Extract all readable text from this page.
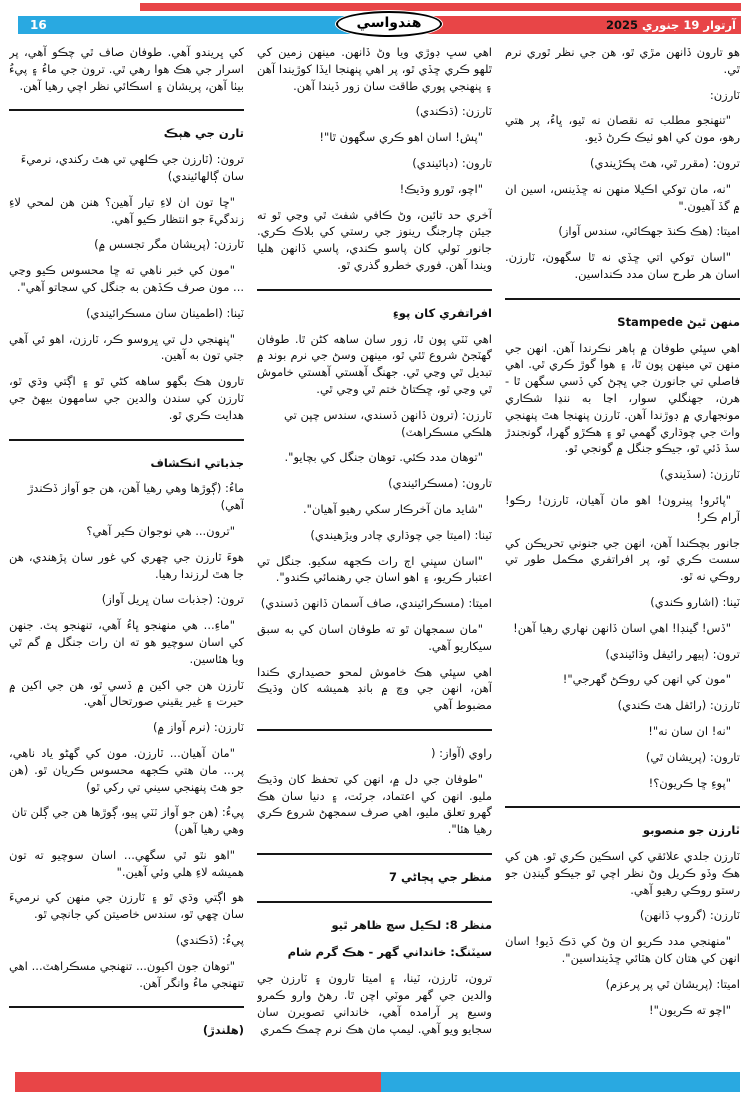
16	آرتوار 19 جنوري 2025
هندواسي
هو تارون ڏانهن مڙي ٿو، هن جي نظر ٿوري نرم ٿي.
ٽارزن:
"تنهنجو مطلب ته نقصان نه ٿيو، ڀاءُ، پر هتي رهو، مون کي اهو ٺيڪ ڪرڻ ڏيو.
ترون: (مقرر ٿي، هٿ پڪڙيندي)
"نه، مان توکي اڪيلا منهن نه ڇڏينس، اسين ان ۾ گڏ آهيون."
اميتا: (هڪ ڪنڌ جهڪائي، سندس آواز)
"اسان توکي اتي ڇڏي نه ٿا سگهون، ٽارزن. اسان هر طرح سان مدد ڪنداسين.
منهن ٿيڻ Stampede
اهي سڀئي طوفان ۾ ٻاهر نڪرندا آهن. انهن جي منهن تي مينهن پون ٿا، ۽ هوا گوڙ ڪري ٿي. اهي فاصلي تي جانورن جي ڀڄڻ کي ڏسي سگهن ٿا - هرن، جهنگلي سوار، اڃا به ننڍا شڪاري مونجهاري ۾ ڊوڙندا آهن. ٽارزن پنهنجا هٿ پنهنجي واٽ جي چوڌاري گهمي ٿو ۽ هڪڙو گهرا، گونجندڙ سڏ ڏئي ٿو، جيڪو جنگل ۾ گونجي ٿو.
ٽارزن: (سڏيندي)
"پائرو! پينرون! اهو مان آهيان، ٽارزن! رڪو! آرام ڪر!
جانور بچڪندا آهن، انهن جي جنوني تحريڪن کي سست ڪري ٿو، پر افراتفري مڪمل طور تي روڪي نه ٿو.
ٽينا: (اشارو ڪندي)
"ڏس! گينڊا! اهي اسان ڏانهن نهاري رهيا آهن!
ترون: (ٻيهر رائيفل وڌائيندي)
"مون کي انهن کي روڪڻ گهرجي"!
ٽارزن: (رائفل هٿ ڪندي)
"نه! ان سان نه"!
تارون: (پريشان ٿي)
"پوءِ ڇا ڪريون؟!
ٽارزن جو منصوبو
ٽارزن جلدي علائقي کي اسڪين ڪري ٿو. هن کي هڪ وڏو ڪريل وڻ نظر اچي ٿو جيڪو گينڊن جو رستو روڪي رهيو آهي.
ٽارزن: (گروپ ڏانهن)
"منهنجي مدد ڪريو ان وڻ کي ڌڪ ڏيو! اسان انهن کي هتان کان هٽائي ڇڏينداسين".
اميتا: (پريشان ٿي پر پرعزم)
"اچو ته ڪريون"!
اهي سڀ ڊوڙي ويا وڻ ڏانهن. مينهن زمين کي ٿلهو ڪري ڇڏي ٿو، پر اهي پنهنجا ايڏا کوڙيندا آهن ۽ پنهنجي پوري طاقت سان زور ڏيندا آهن.
ٽارزن: (ڌڪندي)
"پش! اسان اهو ڪري سگهون ٿا"!
تارون: (دٻائيندي)
"اچو، ٿورو وڌيڪ!
آخري حد تائين، وڻ ڪافي شفٽ ٿي وڃي ٿو ته جيئن چارجنگ رينوز جي رستي کي بلاڪ ڪري. جانور ٽولي کان پاسو ڪندي، پاسي ڏانهن هليا ويندا آهن. فوري خطرو گذري ٿو.
افراتفري کان پوءِ
اهي ٽٽي پون ٿا، زور سان ساهه کڻن ٿا. طوفان گهٽجڻ شروع ٿئي ٿو، مينهن وسڻ جي نرم بوند ۾ تبديل ٿي وڃي ٿي. جهنگ آهستي آهستي خاموش ٿي وڃي ٿو، ڇڪتاڻ ختم ٿي وڃي ٿي.
ٽارزن: (ترون ڏانهن ڏسندي، سندس چپن تي هلڪي مسڪراهٽ)
"توهان مدد ڪئي. توهان جنگل کي بچايو".
تارون: (مسڪرائيندي)
"شايد مان آخرڪار سکي رهيو آهيان".
ٽينا: (اميتا جي چوڌاري چادر ويڙهيندي)
"اسان سڀني اڄ رات ڪجهه سکيو. جنگل تي اعتبار ڪريو، ۽ اهو اسان جي رهنمائي ڪندو".
اميتا: (مسڪرائيندي، صاف آسمان ڏانهن ڏسندي)
"مان سمجهان ٿو ته طوفان اسان کي به سبق سيکاريو آهي.
اهي سڀئي هڪ خاموش لمحو حصيداري ڪندا آهن، انهن جي وچ ۾ بانڊ هميشه کان وڌيڪ مضبوط آهي
راوي (آواز: (
"طوفان جي دل ۾، انهن کي تحفظ کان وڌيڪ مليو. انهن کي اعتماد، جرئت، ۽ دنيا سان هڪ گهرو تعلق مليو، اهي صرف سمجهڻ شروع ڪري رهيا هئا".
منظر جي پڄاڻي 7
منظر 8: لڪيل سچ ظاهر ٿيو
سيٽنگ: خانداني گهر - هڪ گرم شام
ترون، ٽارزن، ٽينا، ۽ اميتا تارون ۽ ٽارزن جي والدين جي گهر موٽي اچن ٿا. رهڻ وارو ڪمرو وسيع پر آرامده آهي، خانداني تصويرن سان سجايو ويو آهي. ليمپ مان هڪ نرم چمڪ ڪمري
کي ڀريندو آهي. طوفان صاف ٿي چڪو آهي، پر اسرار جي هڪ هوا رهي ٿي. ترون جي ماءُ ۽ پيءُ بيٺا آهن، پريشان ۽ اسڪائي نظر اچي رهيا آهن.
تارن جي هٻڪ
ترون: (ٽارزن جي ڪلهي تي هٿ رکندي، نرميءَ سان ڳالهائيندي)
"ڇا تون ان لاءِ تيار آهين؟ هنن هن لمحي لاءِ زندگيءَ جو انتظار ڪيو آهي.
ٽارزن: (پريشان مگر تجسس ۾)
"مون کي خبر ناهي ته ڇا محسوس ڪيو وڃي ... مون صرف ڪڏهن به جنگل کي سڃاتو آهي".
ٽينا: (اطمينان سان مسڪرائيندي)
"پنهنجي دل تي ڀروسو ڪر، ٽارزن، اهو ئي آهي جتي تون به آهين.
تارون هڪ بگهو ساهه کڻي ٿو ۽ اڳتي وڌي ٿو، ٽارزن کي سندن والدين جي سامهون بيهڻ جي هدايت ڪري ٿو.
جذباتي انڪشاف
ماءُ: (ڳوڙها وهي رهيا آهن، هن جو آواز ڏڪندڙ آهي)
"ترون... هي نوجوان ڪير آهي؟
هوءَ ٽارزن جي چهري کي غور سان پڙهندي، هن جا هٿ لرزندا رهيا.
ترون: (جذبات سان ڀريل آواز)
"ماءِ... هي منهنجو ڀاءُ آهي، تنهنجو پٽ. جنهن کي اسان سوچيو هو ته ان رات جنگل ۾ گم ٿي ويا هئاسين.
ٽارزن هن جي اکين ۾ ڏسي ٿو، هن جي اکين ۾ حيرت ۽ غير يقيني صورتحال آهي.
ٽارزن: (نرم آواز ۾)
"مان آهيان... ٽارزن. مون کي گهڻو ياد ناهي، پر... مان هتي ڪجهه محسوس ڪريان ٿو. (هن جو هٿ پنهنجي سيني تي رکي ٿو)
پيءُ: (هن جو آواز ٽٽي پيو، ڳوڙها هن جي ڳلن تان وهي رهيا آهن)
"اهو نٿو ٿي سگهي... اسان سوچيو ته تون هميشه لاءِ هلي وئي آهين."
هو اڳتي وڌي ٿو ۽ ٽارزن جي منهن کي نرميءَ سان ڇهي ٿو، سندس خاصيتن کي جانچي ٿو.
پيءُ: (ڏڪندي)
"توهان جون اکيون... تنهنجي مسڪراهٽ... اهي تنهنجي ماءُ وانگر آهن.
(هلندڙ)
